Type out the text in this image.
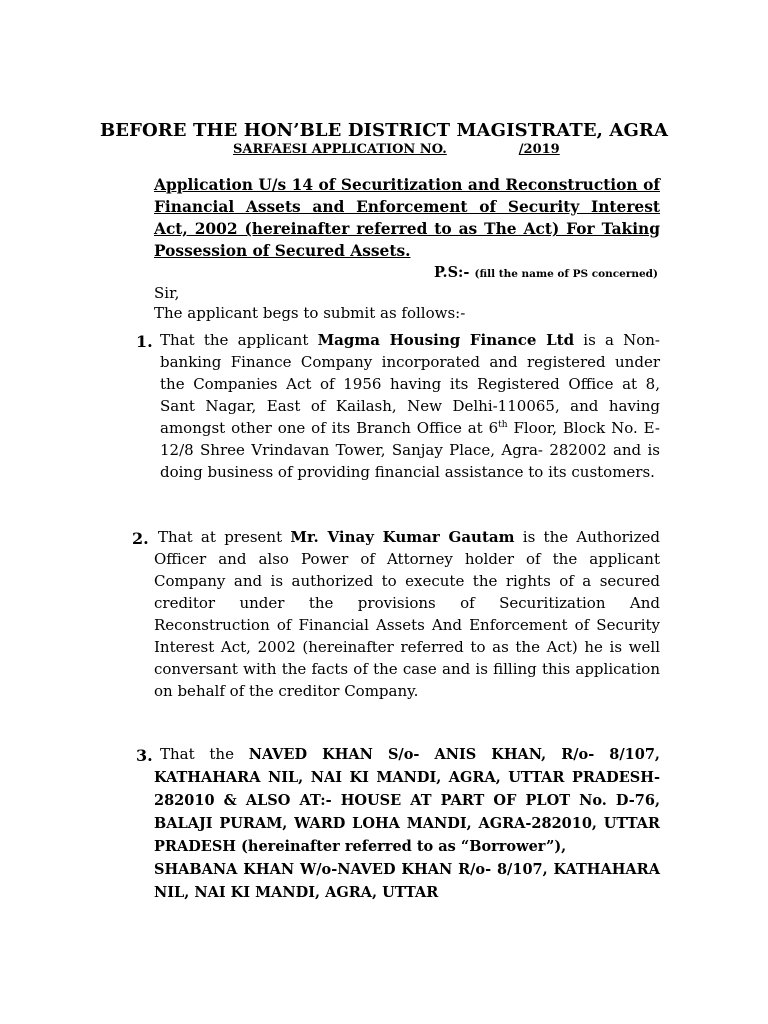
BEFORE THE HON’BLE DISTRICT MAGISTRATE, AGRA
SARFAESI APPLICATION NO.	/2019
Application U/s 14 of Securitization and Reconstruction of Financial Assets and Enforcement of Security Interest Act, 2002 (hereinafter referred to as The Act) For Taking Possession of Secured Assets.
P.S:- (fill the name of PS concerned)
Sir,
The applicant begs to submit as follows:-
1. That the applicant Magma Housing Finance Ltd is a Non-banking Finance Company incorporated and registered under the Companies Act of 1956 having its Registered Office at 8, Sant Nagar, East of Kailash, New Delhi-110065, and having amongst other one of its Branch Office at 6th Floor, Block No. E-12/8 Shree Vrindavan Tower, Sanjay Place, Agra- 282002 and is doing business of providing financial assistance to its customers.
2. That at present Mr. Vinay Kumar Gautam is the Authorized Officer and also Power of Attorney holder of the applicant Company and is authorized to execute the rights of a secured creditor under the provisions of Securitization And Reconstruction of Financial Assets And Enforcement of Security Interest Act, 2002 (hereinafter referred to as the Act) he is well conversant with the facts of the case and is filling this application on behalf of the creditor Company.
3. That the NAVED KHAN S/o- ANIS KHAN, R/o- 8/107, KATHAHARA NIL, NAI KI MANDI, AGRA, UTTAR PRADESH-282010 & ALSO AT:- HOUSE AT PART OF PLOT No. D-76, BALAJI PURAM, WARD LOHA MANDI, AGRA-282010, UTTAR PRADESH (hereinafter referred to as “Borrower”),
SHABANA KHAN W/o-NAVED KHAN R/o- 8/107, KATHAHARA NIL, NAI KI MANDI, AGRA, UTTAR
